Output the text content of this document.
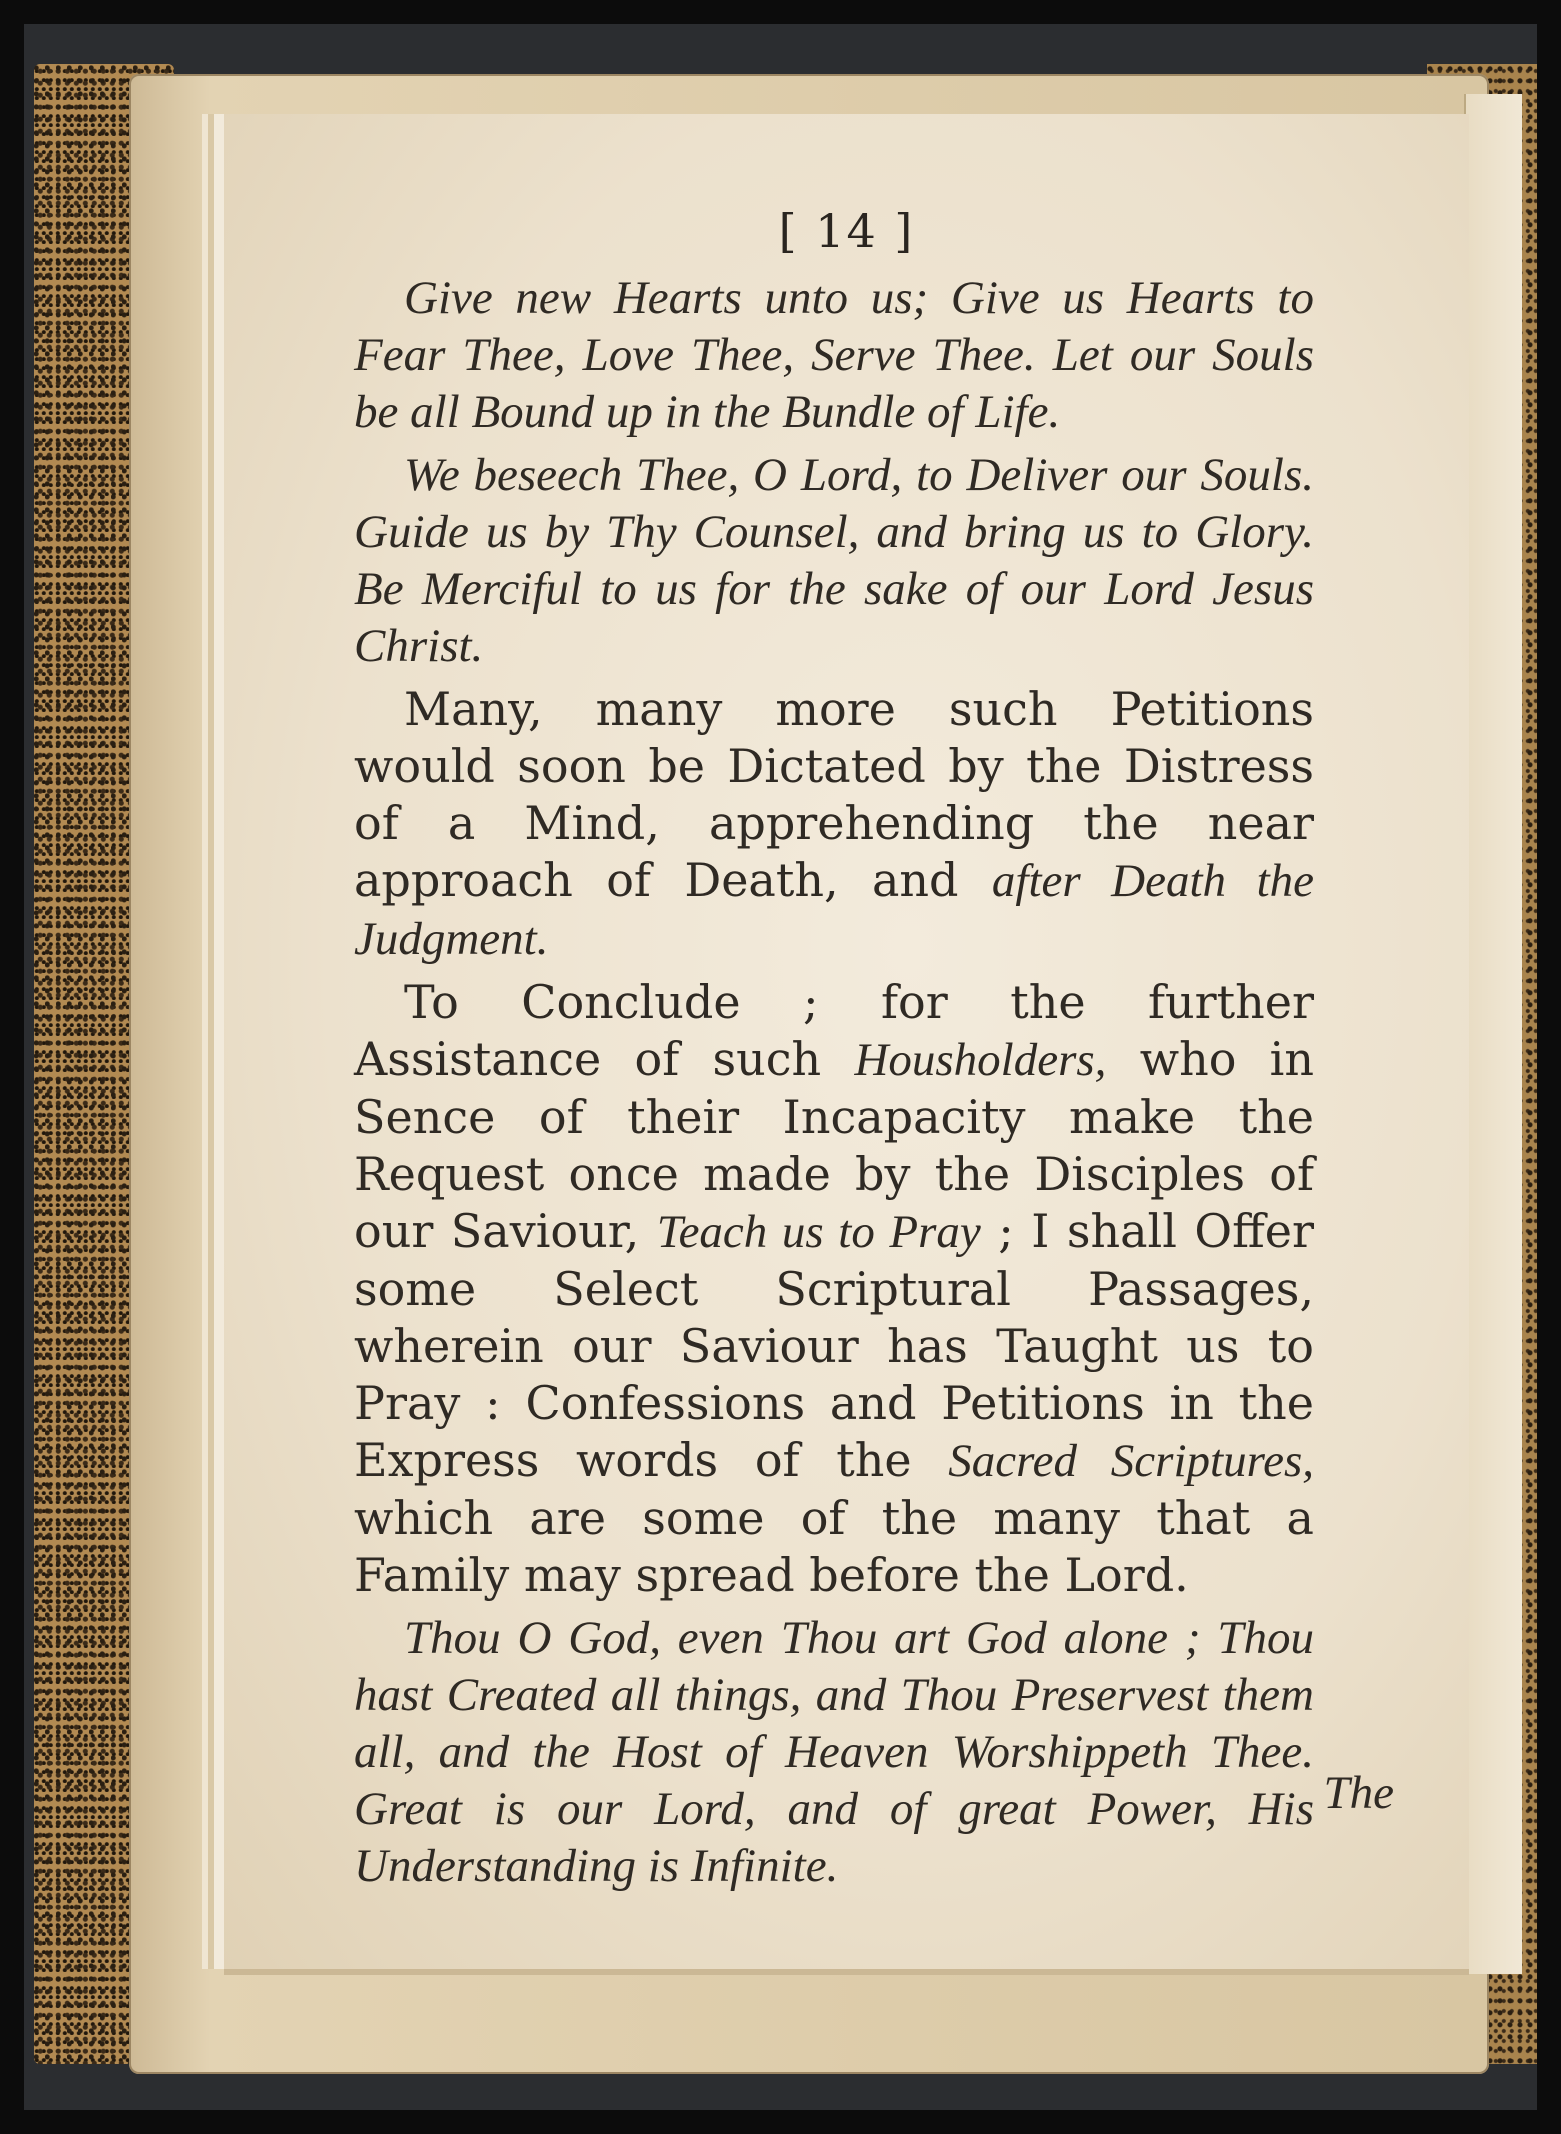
[ 14 ]

Give new Hearts unto us; Give us Hearts to Fear Thee, Love Thee, Serve Thee. Let our Souls be all Bound up in the Bundle of Life.

We beseech Thee, O Lord, to Deliver our Souls. Guide us by Thy Counsel, and bring us to Glory. Be Merciful to us for the sake of our Lord Jesus Christ.

Many, many more such Petitions would soon be Dictated by the Distress of a Mind, apprehending the near approach of Death, and after Death the Judgment.

To Conclude ; for the further Assistance of such Housholders, who in Sence of their Incapacity make the Request once made by the Disciples of our Saviour, Teach us to Pray ; I shall Offer some Select Scriptural Passages, wherein our Saviour has Taught us to Pray : Confessions and Petitions in the Express words of the Sacred Scriptures, which are some of the many that a Family may spread before the Lord.

Thou O God, even Thou art God alone ; Thou hast Created all things, and Thou Preservest them all, and the Host of Heaven Worshippeth Thee. Great is our Lord, and of great Power, His Understanding is Infinite.

The
